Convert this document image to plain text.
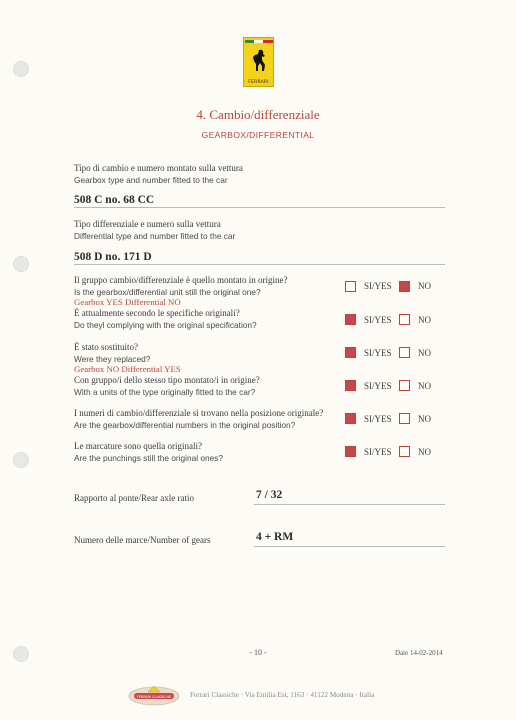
FERRARI
4. Cambio/differenziale
GEARBOX/DIFFERENTIAL
Tipo di cambio e numero montato sulla vettura
Gearbox type and number fitted to the car
508 C no. 68 CC
Tipo differenziale e numero sulla vettura
Differential type and number fitted to the car
508 D no. 171 D
Il gruppo cambio/differenziale è quello montato in origine?
Is the gearbox/differential unit still the original one?
SI/YES	NO
Gearbox YES Differential NO
È attualmente secondo le specifiche originali?
Do theyl complying with the original specification?	SI/YES	NO
È stato sostituito?
Were they replaced?
SI/YES	NO
Gearbox NO Differential YES
Con gruppo/i dello stesso tipo montato/i in origine?
With a units of the type originally fitted to the car?
SI/YES	NO
I numeri di cambio/differenziale si trovano nella posizione originale?
Are the gearbox/differential numbers in the original position?
SI/YES	NO
Le marcature sono quella originali?
Are the punchings still the original ones?
SI/YES	NO
Rapporto al ponte/Rear axle ratio	7 / 32
Numero delle marce/Number of gears	4 + RM
- 10 -	Date 14-02-2014
FERRARI CLASSICHE	Ferrari Classiche · Via Emilia Est, 1163 · 41122 Modena · Italia
